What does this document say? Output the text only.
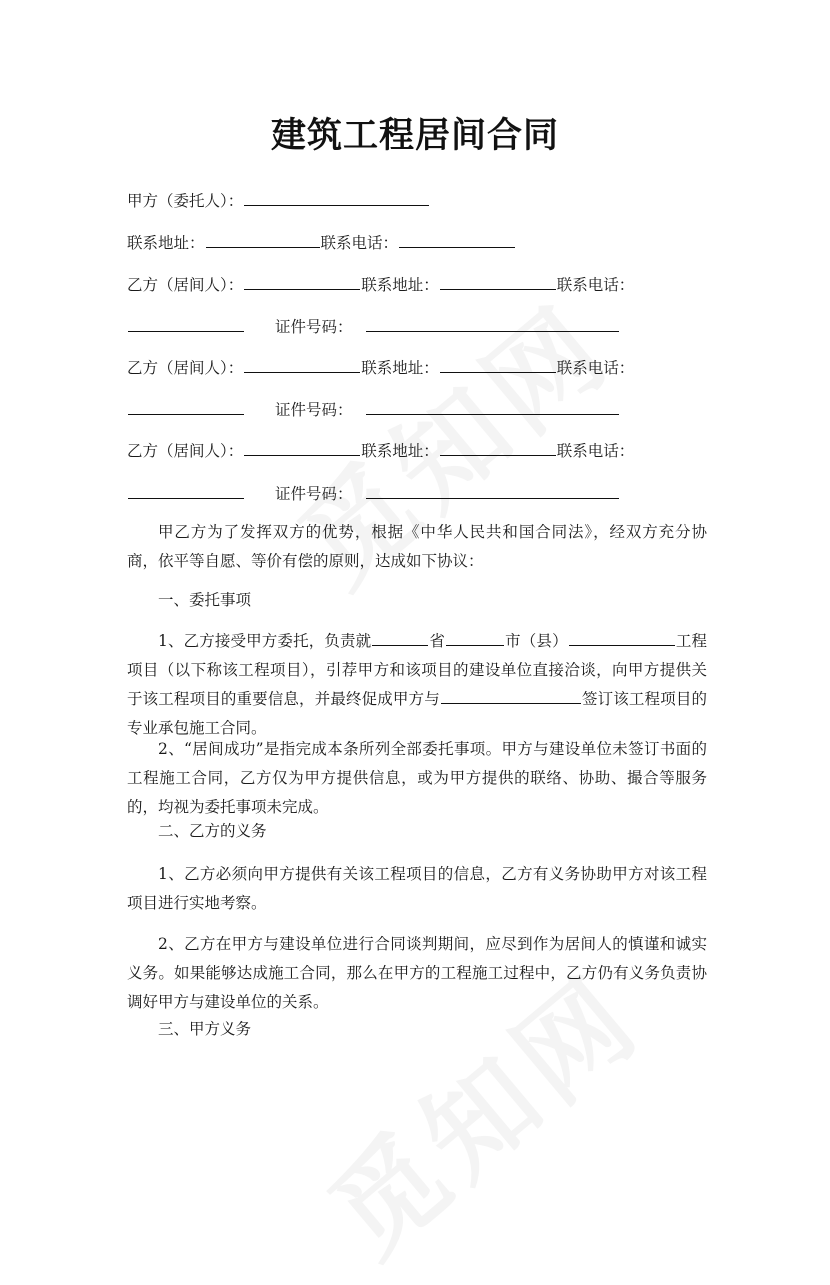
建筑工程居间合同
甲方（委托人）：
联系地址：	联系电话：
乙方（居间人）：	联系地址：	联系电话：
证件号码：
乙方（居间人）：	联系地址：	联系电话：
证件号码：
乙方（居间人）：	联系地址：	联系电话：
证件号码：
甲乙方为了发挥双方的优势，根据《中华人民共和国合同法》，经双方充分协商，依平等自愿、等价有偿的原则，达成如下协议：
一、委托事项
1、乙方接受甲方委托，负责就	省	市（县）	工程项目（以下称该工程项目），引荐甲方和该项目的建设单位直接洽谈，向甲方提供关于该工程项目的重要信息，并最终促成甲方与	签订该工程项目的专业承包施工合同。
2、“居间成功”是指完成本条所列全部委托事项。甲方与建设单位未签订书面的工程施工合同，乙方仅为甲方提供信息，或为甲方提供的联络、协助、撮合等服务的，均视为委托事项未完成。
二、乙方的义务
1、乙方必须向甲方提供有关该工程项目的信息，乙方有义务协助甲方对该工程项目进行实地考察。
2、乙方在甲方与建设单位进行合同谈判期间，应尽到作为居间人的慎谨和诚实义务。如果能够达成施工合同，那么在甲方的工程施工过程中，乙方仍有义务负责协调好甲方与建设单位的关系。
三、甲方义务
